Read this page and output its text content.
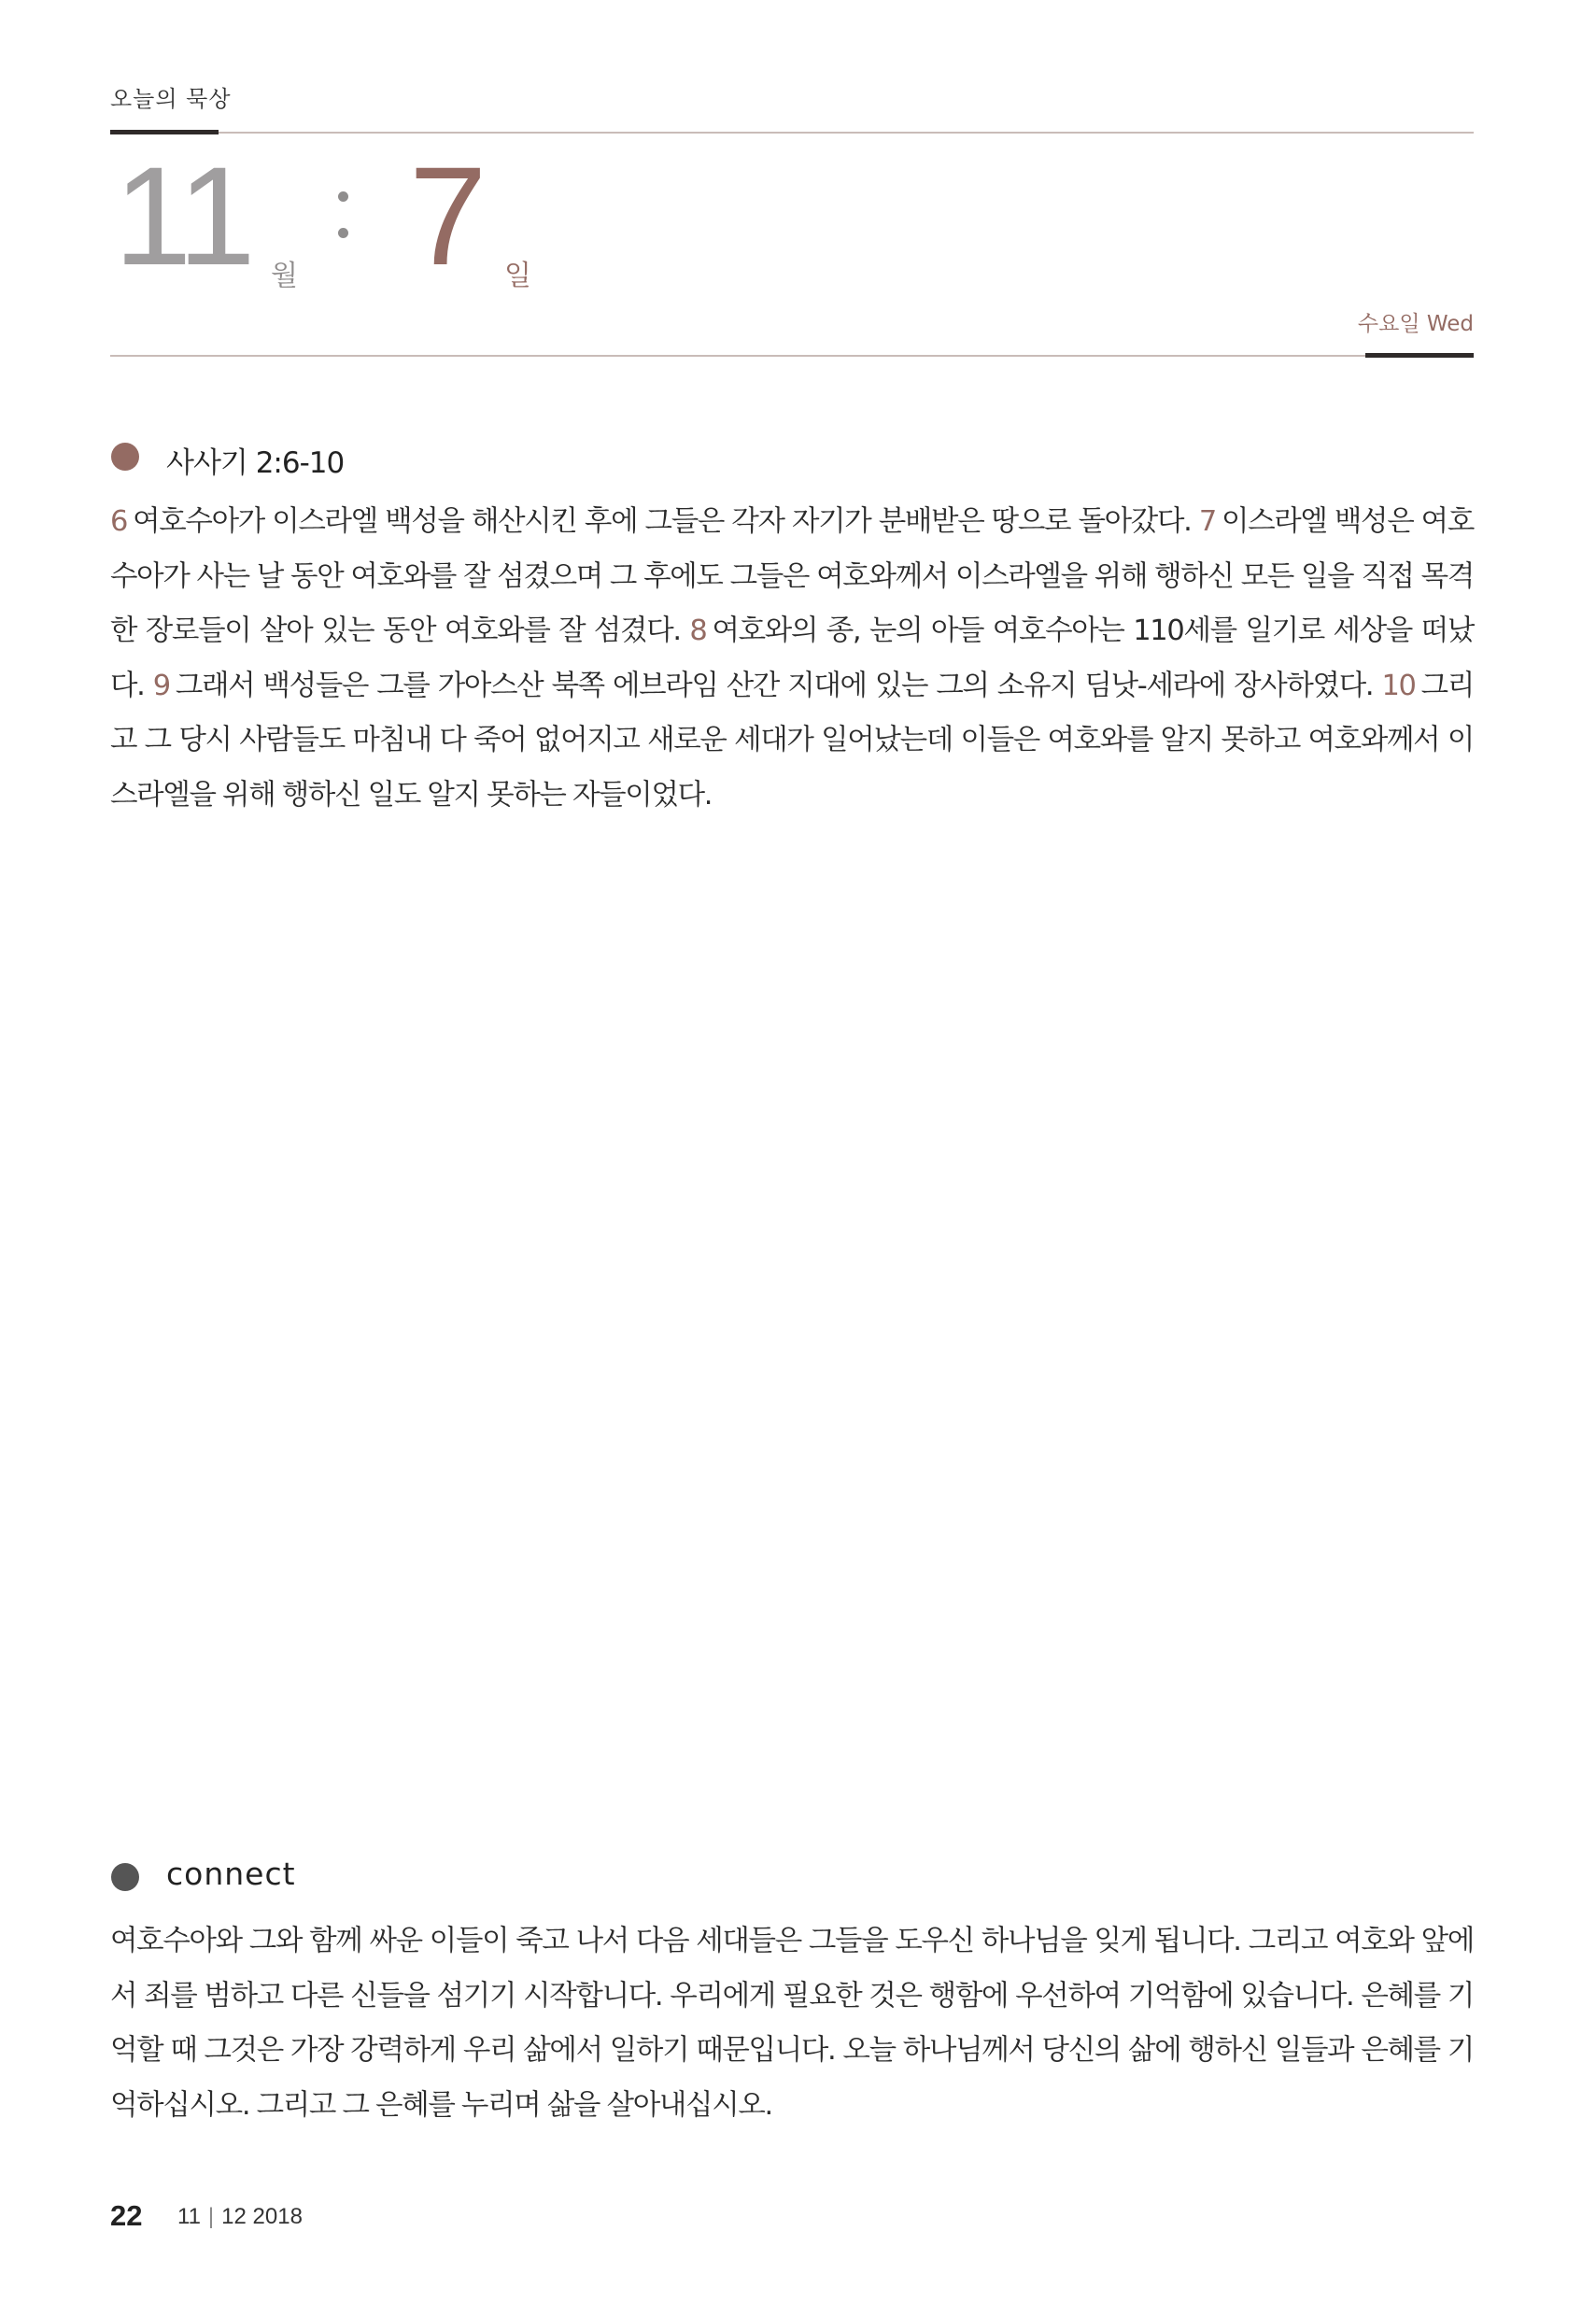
오늘의 묵상
11 월 7 일
수요일 Wed
사사기 2:6-10
6 여호수아가 이스라엘 백성을 해산시킨 후에 그들은 각자 자기가 분배받은 땅으로 돌아갔다. 7 이스라엘 백성은 여호수아가 사는 날 동안 여호와를 잘 섬겼으며 그 후에도 그들은 여호와께서 이스라엘을 위해 행하신 모든 일을 직접 목격한 장로들이 살아 있는 동안 여호와를 잘 섬겼다. 8 여호와의 종, 눈의 아들 여호수아는 110세를 일기로 세상을 떠났다. 9 그래서 백성들은 그를 가아스산 북쪽 에브라임 산간 지대에 있는 그의 소유지 딤낫-세라에 장사하였다. 10 그리고 그 당시 사람들도 마침내 다 죽어 없어지고 새로운 세대가 일어났는데 이들은 여호와를 알지 못하고 여호와께서 이스라엘을 위해 행하신 일도 알지 못하는 자들이었다.
connect
여호수아와 그와 함께 싸운 이들이 죽고 나서 다음 세대들은 그들을 도우신 하나님을 잊게 됩니다. 그리고 여호와 앞에서 죄를 범하고 다른 신들을 섬기기 시작합니다. 우리에게 필요한 것은 행함에 우선하여 기억함에 있습니다. 은혜를 기억할 때 그것은 가장 강력하게 우리 삶에서 일하기 때문입니다. 오늘 하나님께서 당신의 삶에 행하신 일들과 은혜를 기억하십시오. 그리고 그 은혜를 누리며 삶을 살아내십시오.
22 11 | 12 2018
